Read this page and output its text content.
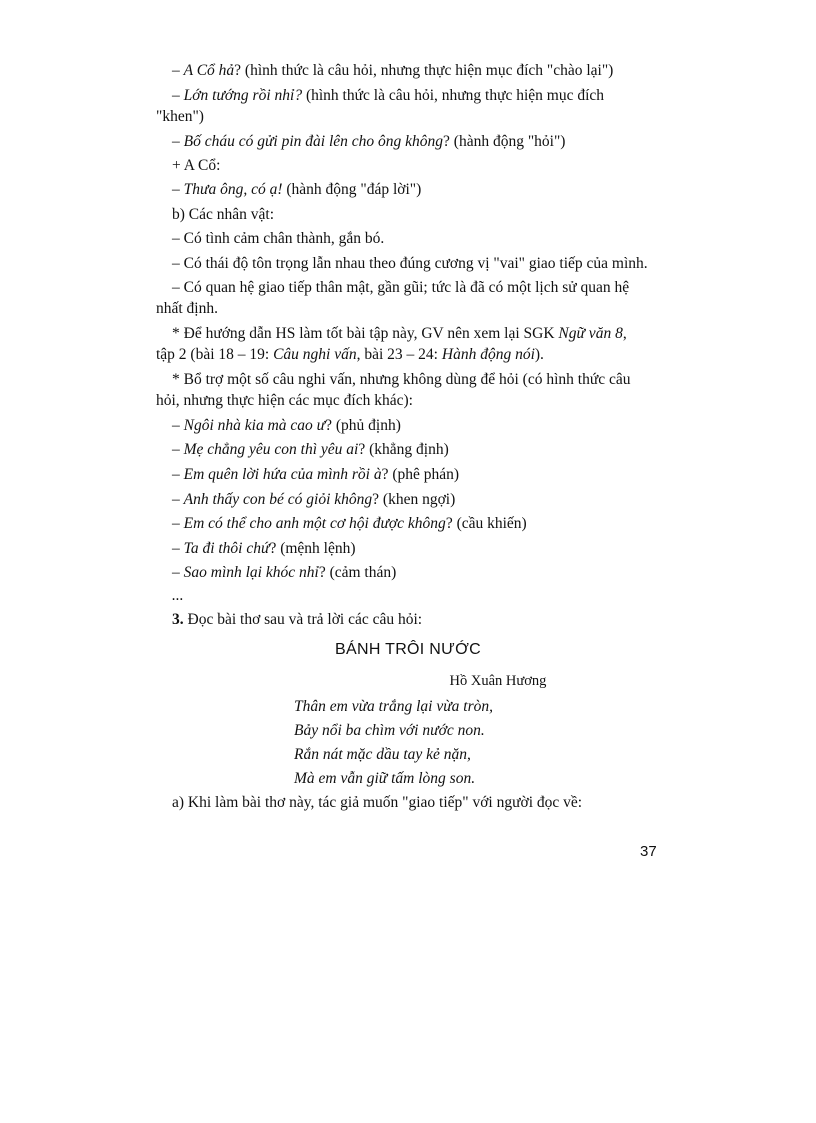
– A Cổ hả? (hình thức là câu hỏi, nhưng thực hiện mục đích "chào lại")
– Lớn tướng rồi nhỉ? (hình thức là câu hỏi, nhưng thực hiện mục đích
"khen")
– Bố cháu có gửi pin đài lên cho ông không? (hành động "hỏi")
+ A Cổ:
– Thưa ông, có ạ! (hành động "đáp lời")
b) Các nhân vật:
– Có tình cảm chân thành, gắn bó.
– Có thái độ tôn trọng lẫn nhau theo đúng cương vị "vai" giao tiếp của mình.
– Có quan hệ giao tiếp thân mật, gần gũi; tức là đã có một lịch sử quan hệ
nhất định.
* Để hướng dẫn HS làm tốt bài tập này, GV nên xem lại SGK Ngữ văn 8,
tập 2 (bài 18 – 19: Câu nghi vấn, bài 23 – 24: Hành động nói).
* Bổ trợ một số câu nghi vấn, nhưng không dùng để hỏi (có hình thức câu
hỏi, nhưng thực hiện các mục đích khác):
– Ngôi nhà kia mà cao ư? (phủ định)
– Mẹ chẳng yêu con thì yêu ai? (khẳng định)
– Em quên lời hứa của mình rồi à? (phê phán)
– Anh thấy con bé có giỏi không? (khen ngợi)
– Em có thể cho anh một cơ hội được không? (cầu khiến)
– Ta đi thôi chứ? (mệnh lệnh)
– Sao mình lại khóc nhỉ? (cảm thán)
...
3. Đọc bài thơ sau và trả lời các câu hỏi:
BÁNH TRÔI NƯỚC
Hồ Xuân Hương
Thân em vừa trắng lại vừa tròn,
Bảy nổi ba chìm với nước non.
Rắn nát mặc dầu tay kẻ nặn,
Mà em vẫn giữ tấm lòng son.
a) Khi làm bài thơ này, tác giả muốn "giao tiếp" với người đọc về:
37
